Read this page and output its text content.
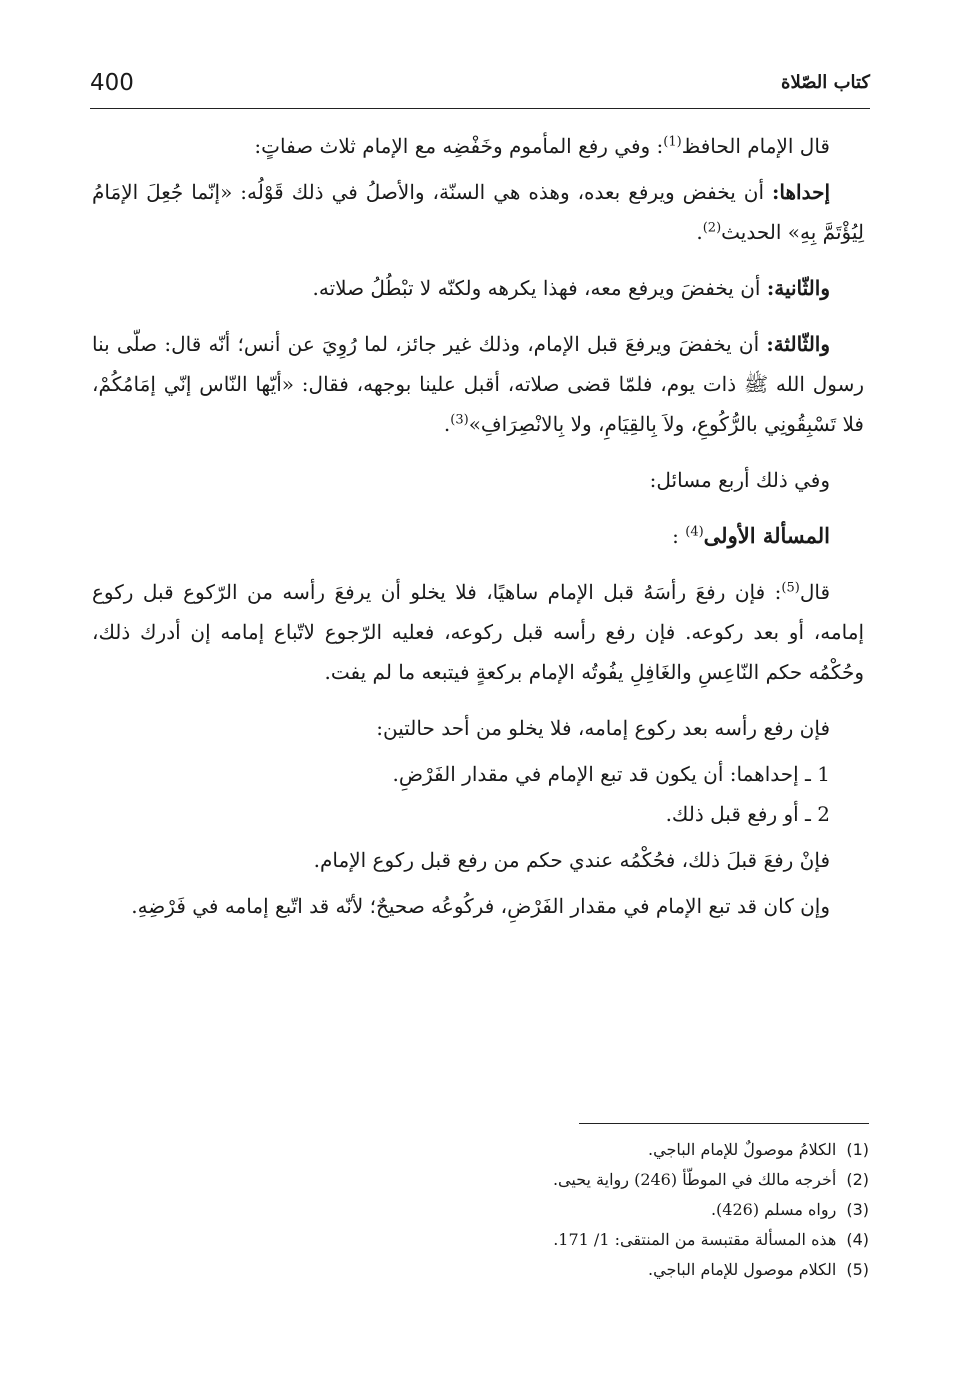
400	كتاب الصّلاة

قال الإمام الحافظ$^{(1)}$: وفي رفع المأموم وخَفْضِه مع الإمام ثلاث صفاتٍ:

إحداها: أن يخفض ويرفع بعده، وهذه هي السنّة، والأصلُ في ذلك قَوْلُه: «إنّما جُعِلَ الإمَامُ لِيُؤْتَمَّ بِهِ» الحديث$^{(2)}$.

والثّانية: أن يخفضَ ويرفع معه، فهذا يكرهه ولكنّه لا تبْطُلُ صلاته.

والثّالثة: أن يخفضَ ويرفعَ قبل الإمام، وذلك غير جائز، لما رُوِيَ عن أنس؛ أنّه قال: صلّى بنا رسول الله ﷺ ذات يوم، فلمّا قضى صلاته، أقبل علينا بوجهه، فقال: «أيّها النّاس إنّي إمَامُكُمْ، فلا تَسْبِقُونِي بالرُّكُوعِ، ولاَ بِالقِيَامِ، ولا بِالانْصِرَافِ»$^{(3)}$.

وفي ذلك أربع مسائل:

المسألة الأولى$^{(4)}$ :

قال$^{(5)}$: فإن رفعَ رأسَهُ قبل الإمام ساهيًا، فلا يخلو أن يرفعَ رأسه من الرّكوع قبل ركوع إمامه، أو بعد ركوعه. فإن رفع رأسه قبل ركوعه، فعليه الرّجوع لاتّباع إمامه إن أدرك ذلك، وحُكْمُه حكم النّاعِسِ والغَافِلِ يفُوتُه الإمام بركعةٍ فيتبعه ما لم يفت.

فإن رفع رأسه بعد ركوع إمامه، فلا يخلو من أحد حالتين:

1 ـ إحداهما: أن يكون قد تبع الإمام في مقدار الفَرْضِ.

2 ـ أو رفع قبل ذلك.

فإنْ رفعَ قبلَ ذلك، فحُكْمُه عندي حكم من رفع قبل ركوع الإمام.

وإن كان قد تبع الإمام في مقدار الفَرْضِ، فركُوعُه صحيحٌ؛ لأنّه قد اتّبع إمامه في فَرْضِهِ.

(1)الكلامُ موصولٌ للإمام الباجي.

(2)أخرجه مالك في الموطّأ (246) رواية يحيى.

(3)رواه مسلم (426).

(4)هذه المسألة مقتبسة من المنتقى: 1/ 171.

(5)الكلام موصول للإمام الباجي.
